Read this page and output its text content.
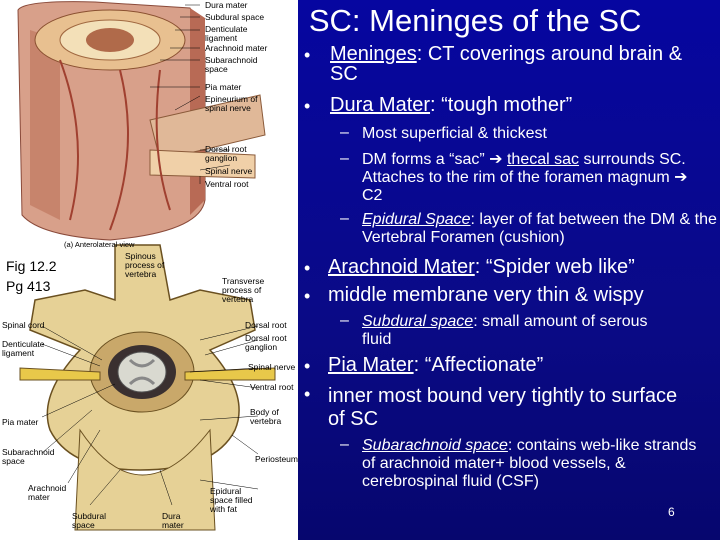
Dura mater
Subdural space
Denticulate ligament
Arachnoid mater
Subarachnoid space
Pia mater
Epineurium of spinal nerve
Dorsal root ganglion
Spinal nerve
Ventral root
(a) Anterolateral view
Spinous process of vertebra
Transverse process of vertebra
Spinal cord
Denticulate ligament
Dorsal root
Dorsal root ganglion
Spinal nerve
Ventral root
Body of vertebra
Pia mater
Subarachnoid space
Arachnoid mater
Periosteum
Subdural space
Dura mater
Epidural space filled with fat
Fig 12.2
Pg 413
I. SC: Meninges of the SC
• Meninges: CT coverings around brain & SC
• Dura Mater: “tough mother”
– Most superficial & thickest
– DM forms a “sac” ➔ thecal sac surrounds SC. Attaches to the rim of the foramen magnum ➔ C2
– Epidural Space: layer of fat between the DM & the Vertebral Foramen (cushion)
• Arachnoid Mater: “Spider web like”
• middle membrane very thin & wispy
– Subdural space: small amount of serous fluid
• Pia Mater: “Affectionate”
• inner most bound very tightly to surface of SC
– Subarachnoid space: contains web-like strands of arachnoid mater+ blood vessels, & cerebrospinal fluid (CSF)
6
